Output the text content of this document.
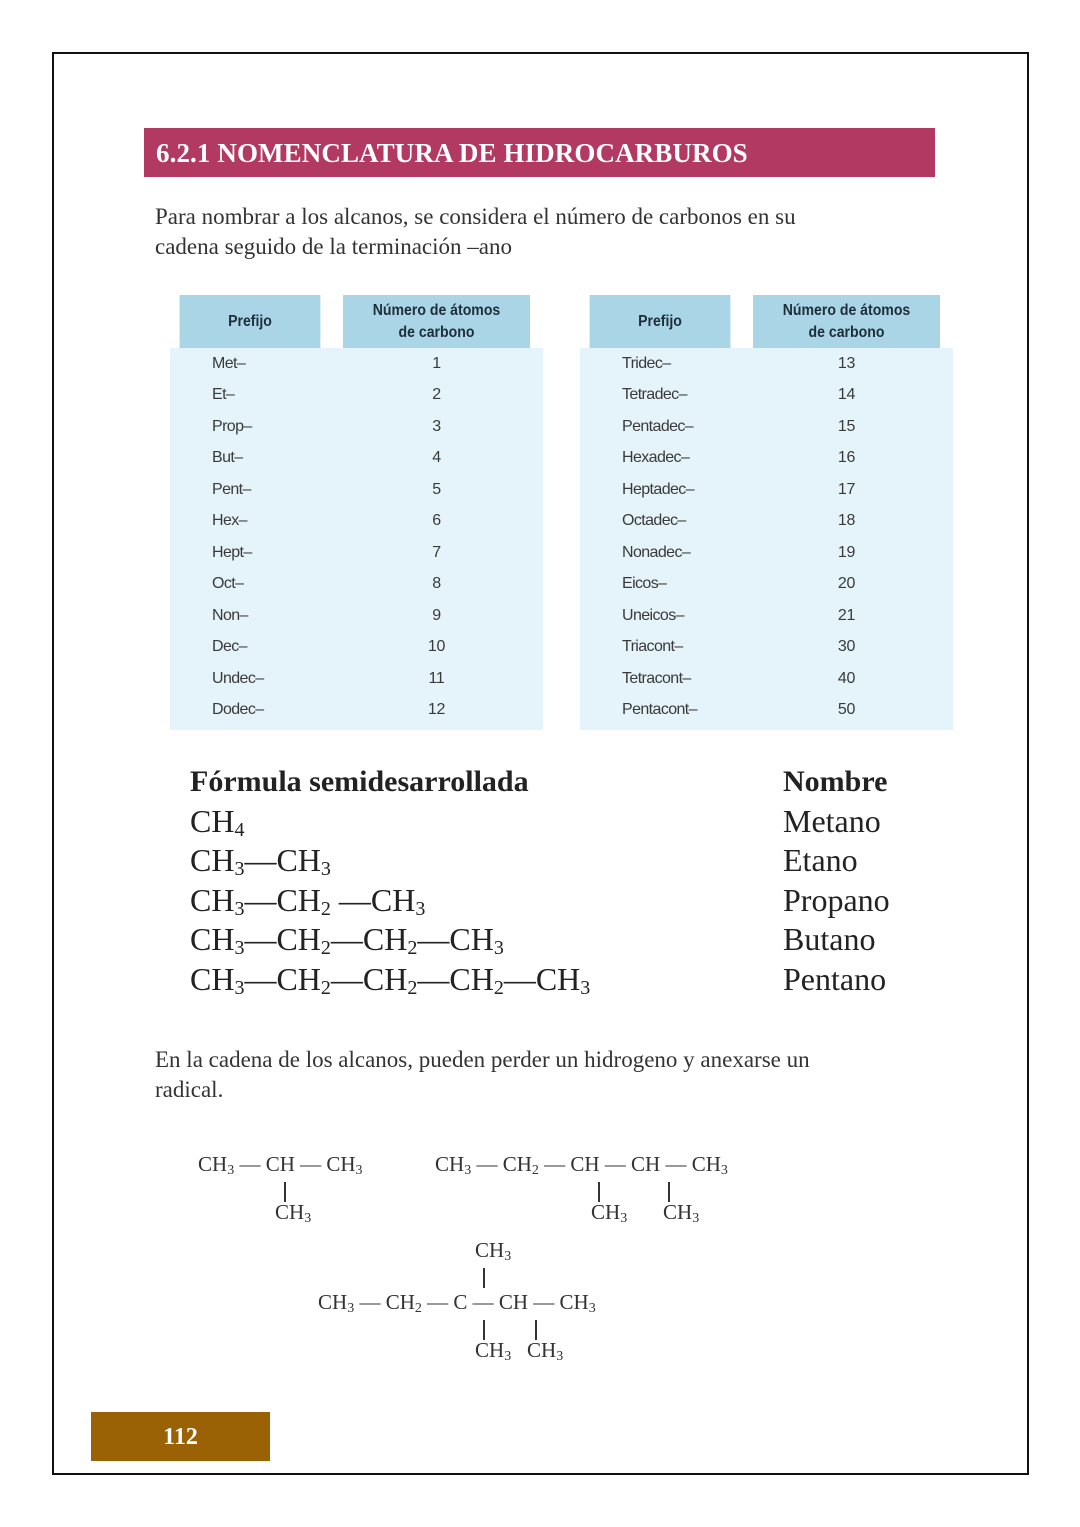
6.2.1 NOMENCLATURA DE HIDROCARBUROS
Para nombrar a los alcanos, se considera el número de carbonos en su
cadena seguido de la terminación –ano
Prefijo	Número de átomos
de carbono

Met–	1
Et–	2
Prop–	3
But–	4
Pent–	5
Hex–	6
Hept–	7
Oct–	8
Non–	9
Dec–	10
Undec–	11
Dodec–	12
Prefijo	Número de átomos
de carbono

Tridec–	13
Tetradec–	14
Pentadec–	15
Hexadec–	16
Heptadec–	17
Octadec–	18
Nonadec–	19
Eicos–	20
Uneicos–	21
Triacont–	30
Tetracont–	40
Pentacont–	50
Fórmula semidesarrollada	Nombre
$CH_4$	Metano
$CH_3—CH_3$	Etano
$CH_3—CH_2$ $—CH_3$	Propano
$CH_3—CH_2—CH_2—CH_3$	Butano
$CH_3—CH_2—CH_2—CH_2—CH_3$	Pentano
En la cadena de los alcanos, pueden perder un hidrogeno y anexarse un
radical.
$CH_3$ — CH — $CH_3$
$CH_3$
$CH_3$ — $CH_2$ — CH — CH — $CH_3$
$CH_3$ $CH_3$
$CH_3$
$CH_3$ — $CH_2$ — C — CH — $CH_3$
$CH_3$ $CH_3$
112
